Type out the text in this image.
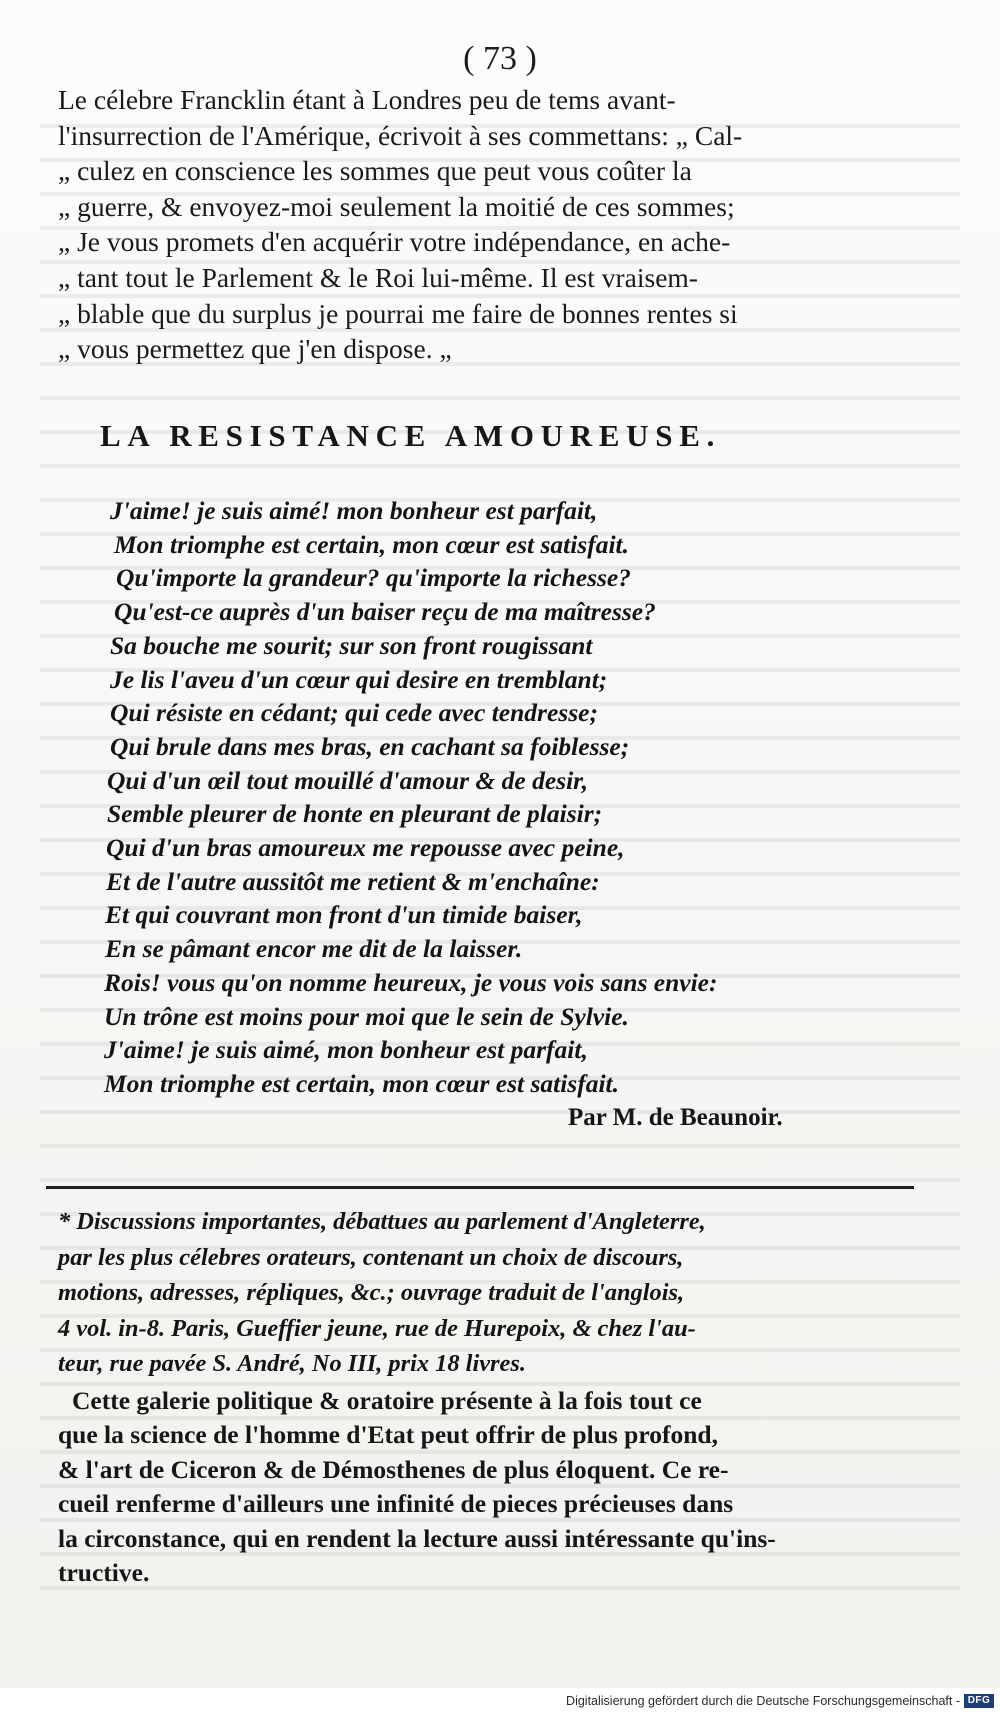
( 73 )
Le célebre Francklin étant à Londres peu de tems avant-
l'insurrection de l'Amérique, écrivoit à ses commettans: „ Cal-
„ culez en conscience les sommes que peut vous coûter la
„ guerre, & envoyez-moi seulement la moitié de ces sommes;
„ Je vous promets d'en acquérir votre indépendance, en ache-
„ tant tout le Parlement & le Roi lui-même. Il est vraisem-
„ blable que du surplus je pourrai me faire de bonnes rentes si
„ vous permettez que j'en dispose. „
LA RESISTANCE AMOUREUSE.
J'aime! je suis aimé! mon bonheur est parfait,
Mon triomphe est certain, mon cœur est satisfait.
Qu'importe la grandeur? qu'importe la richesse?
Qu'est-ce auprès d'un baiser reçu de ma maîtresse?
Sa bouche me sourit; sur son front rougissant
Je lis l'aveu d'un cœur qui desire en tremblant;
Qui résiste en cédant; qui cede avec tendresse;
Qui brule dans mes bras, en cachant sa foiblesse;
Qui d'un œil tout mouillé d'amour & de desir,
Semble pleurer de honte en pleurant de plaisir;
Qui d'un bras amoureux me repousse avec peine,
Et de l'autre aussitôt me retient & m'enchaîne:
Et qui couvrant mon front d'un timide baiser,
En se pâmant encor me dit de la laisser.
Rois! vous qu'on nomme heureux, je vous vois sans envie:
Un trône est moins pour moi que le sein de Sylvie.
J'aime! je suis aimé, mon bonheur est parfait,
Mon triomphe est certain, mon cœur est satisfait.
Par M. de Beaunoir.
* Discussions importantes, débattues au parlement d'Angleterre,
par les plus célebres orateurs, contenant un choix de discours,
motions, adresses, répliques, &c.; ouvrage traduit de l'anglois,
4 vol. in-8. Paris, Gueffier jeune, rue de Hurepoix, & chez l'au-
teur, rue pavée S. André, No III, prix 18 livres.
Cette galerie politique & oratoire présente à la fois tout ce
que la science de l'homme d'Etat peut offrir de plus profond,
& l'art de Ciceron & de Démosthenes de plus éloquent. Ce re-
cueil renferme d'ailleurs une infinité de pieces précieuses dans
la circonstance, qui en rendent la lecture aussi intéressante qu'ins-
tructive.
Digitalisierung gefördert durch die Deutsche Forschungsgemeinschaft - DFG
